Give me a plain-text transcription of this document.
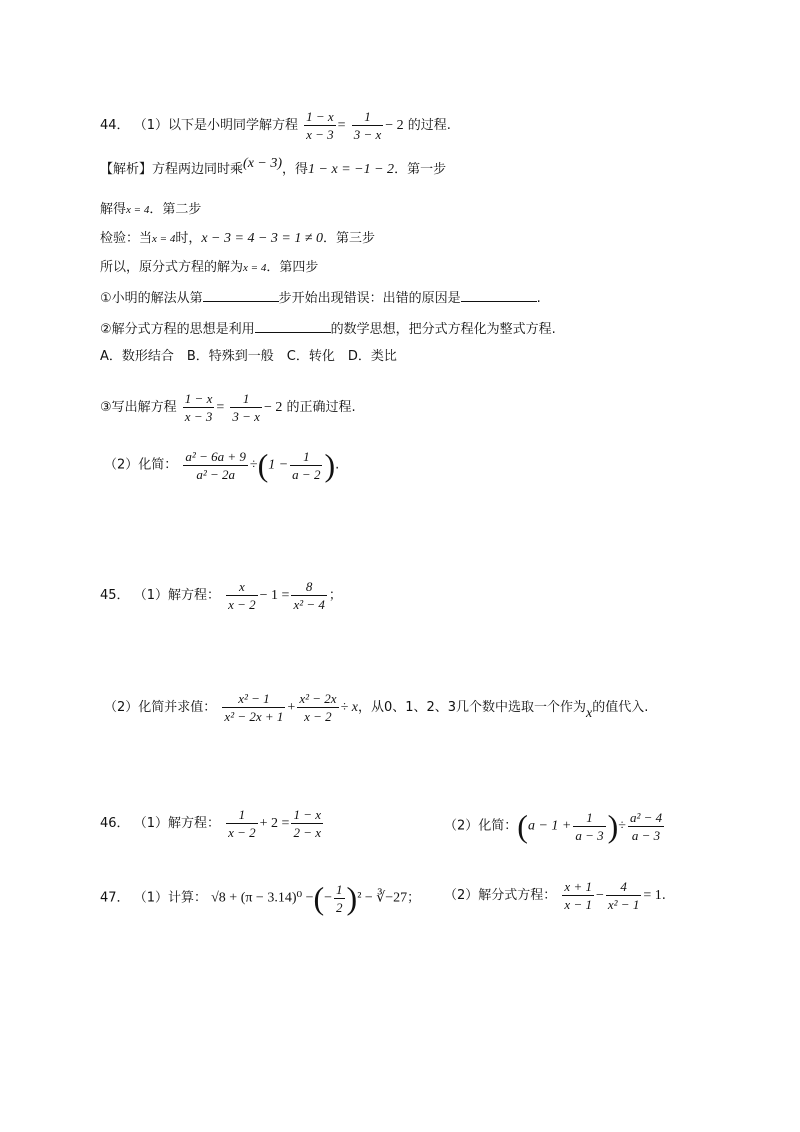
44． （1）以下是小明同学解方程 $\frac{1 - x}{x - 3} = \frac{1}{3 - x} - 2$ 的过程.
【解析】方程两边同时乘(x − 3)，得1 − x = −1 − 2．第一步
解得x = 4．第二步
检验：当x = 4时，x − 3 = 4 − 3 = 1 ≠ 0．第三步
所以，原分式方程的解为x = 4．第四步
①小明的解法从第	步开始出现错误：出错的原因是	.
②解分式方程的思想是利用	的数学思想，把分式方程化为整式方程.
A．数形结合　B．特殊到一般　C．转化　D．类比
③写出解方程 $\frac{1 - x}{x - 3} = \frac{1}{3 - x} - 2$ 的正确过程.
（2）化简： $\frac{\text{a² − 6a + 9}}{\text{a² − 2a}} \div(1 - \frac{1}{a - 2}$ ).
45． （1）解方程： $\frac{x}{x - 2} - 1 = \frac{8}{\text{x² − 4}}$ ；
（2）化简并求值： $\frac{\text{x² − 1}}{\text{x² − 2x + 1}} + \frac{\text{x² − 2x}}{x - 2} \div x$，从0、1、2、3几个数中选取一个作为x的值代入.
46． （1）解方程： $\frac{1}{x - 2} + 2 = \frac{1 - x}{2 - x}$	（2）化简：($a - 1 + \frac{1}{a - 3}$ )÷ $\frac{\text{a² − 4}}{a - 3}$
47． （1）计算： √8 + (π − 3.14)⁰ −(− $\frac{1}{2} )^2$ − ∛−27； （2）解分式方程： $\frac{x + 1}{x - 1} - \frac{4}{\text{x² − 1}} = 1$.
